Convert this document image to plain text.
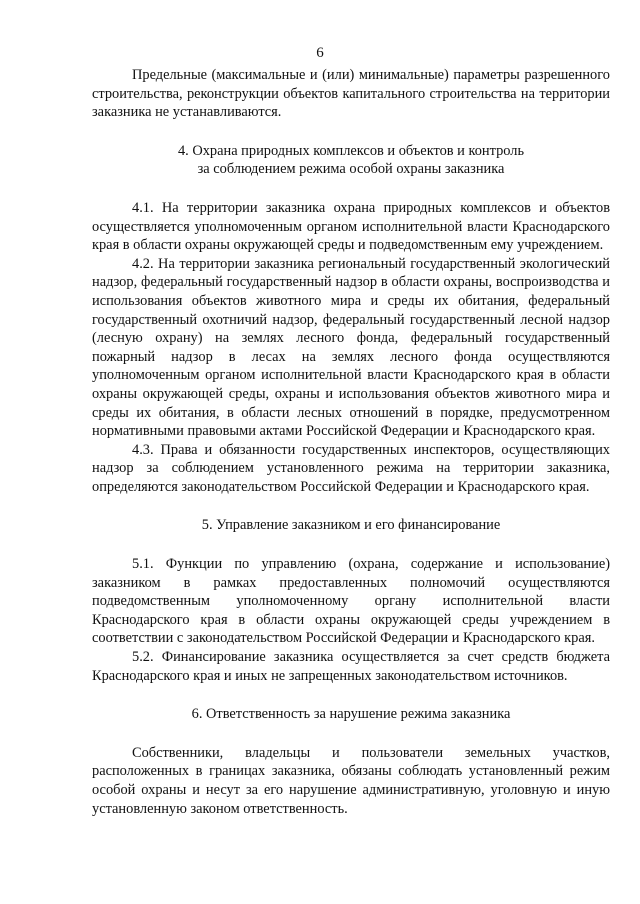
6

Предельные (максимальные и (или) минимальные) параметры разрешенного строительства, реконструкции объектов капитального строительства на территории заказника не устанавливаются.

4. Охрана природных комплексов и объектов и контроль

за соблюдением режима особой охраны заказника

4.1. На территории заказника охрана природных комплексов и объектов осуществляется уполномоченным органом исполнительной власти Краснодарского края в области охраны окружающей среды и подведомственным ему учреждением.

4.2. На территории заказника региональный государственный экологический надзор, федеральный государственный надзор в области охраны, воспроизводства и использования объектов животного мира и среды их обитания, федеральный государственный охотничий надзор, федеральный государственный лесной надзор (лесную охрану) на землях лесного фонда, федеральный государственный пожарный надзор в лесах на землях лесного фонда осуществляются уполномоченным органом исполнительной власти Краснодарского края в области охраны окружающей среды, охраны и использования объектов животного мира и среды их обитания, в области лесных отношений в порядке, предусмотренном нормативными правовыми актами Российской Федерации и Краснодарского края.

4.3. Права и обязанности государственных инспекторов, осуществляющих надзор за соблюдением установленного режима на территории заказника, определяются законодательством Российской Федерации и Краснодарского края.

5. Управление заказником и его финансирование

5.1. Функции по управлению (охрана, содержание и использование) заказником в рамках предоставленных полномочий осуществляются подведомственным уполномоченному органу исполнительной власти Краснодарского края в области охраны окружающей среды учреждением в соответствии с законодательством Российской Федерации и Краснодарского края.

5.2. Финансирование заказника осуществляется за счет средств бюджета Краснодарского края и иных не запрещенных законодательством источников.

6. Ответственность за нарушение режима заказника

Собственники, владельцы и пользователи земельных участков, расположенных в границах заказника, обязаны соблюдать установленный режим особой охраны и несут за его нарушение административную, уголовную и иную установленную законом ответственность.
